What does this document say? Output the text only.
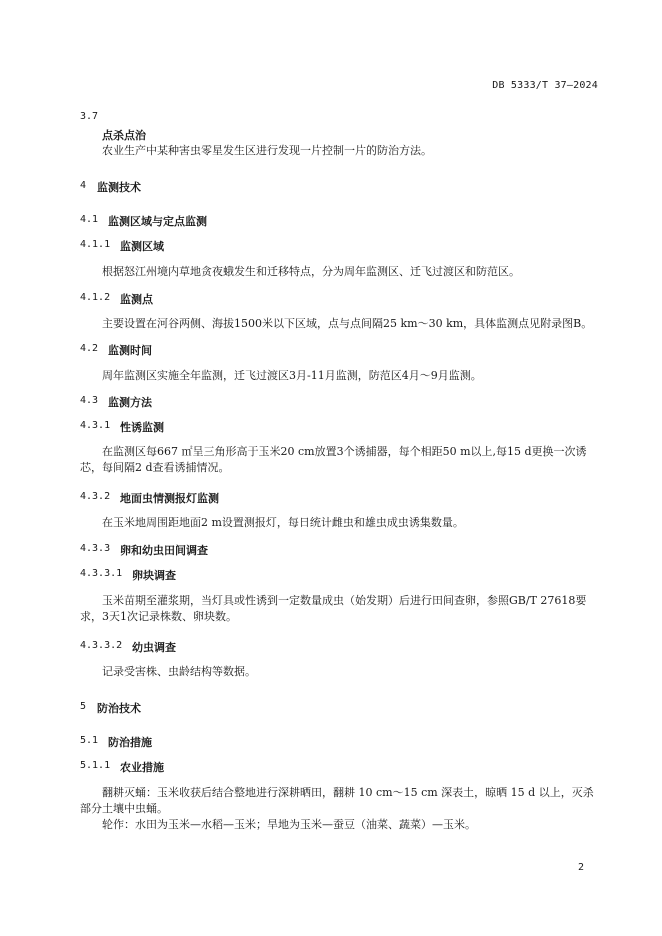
DB 5333/T 37—2024
3.7
点杀点治
农业生产中某种害虫零星发生区进行发现一片控制一片的防治方法。
4 监测技术
4.1 监测区域与定点监测
4.1.1 监测区域
根据怒江州境内草地贪夜蛾发生和迁移特点，分为周年监测区、迁飞过渡区和防范区。
4.1.2 监测点
主要设置在河谷两侧、海拔1500米以下区域，点与点间隔25 km～30 km，具体监测点见附录图B。
4.2 监测时间
周年监测区实施全年监测，迁飞过渡区3月-11月监测，防范区4月～9月监测。
4.3 监测方法
4.3.1 性诱监测

在监测区每667 ㎡呈三角形高于玉米20 cm放置3个诱捕器，每个相距50 m以上,每15 d更换一次诱芯，每间隔2 d查看诱捕情况。

4.3.2 地面虫情测报灯监测
在玉米地周围距地面2 m设置测报灯，每日统计雌虫和雄虫成虫诱集数量。
4.3.3 卵和幼虫田间调查
4.3.3.1 卵块调查

玉米苗期至灌浆期，当灯具或性诱到一定数量成虫（始发期）后进行田间查卵，参照GB/T 27618要求，3天1次记录株数、卵块数。

4.3.3.2 幼虫调查
记录受害株、虫龄结构等数据。
5 防治技术
5.1 防治措施
5.1.1 农业措施

翻耕灭蛹：玉米收获后结合整地进行深耕晒田，翻耕 10 cm～15 cm 深表土，晾晒 15 d 以上，灭杀部分土壤中虫蛹。

轮作：水田为玉米—水稻—玉米；旱地为玉米—蚕豆（油菜、蔬菜）—玉米。

2
